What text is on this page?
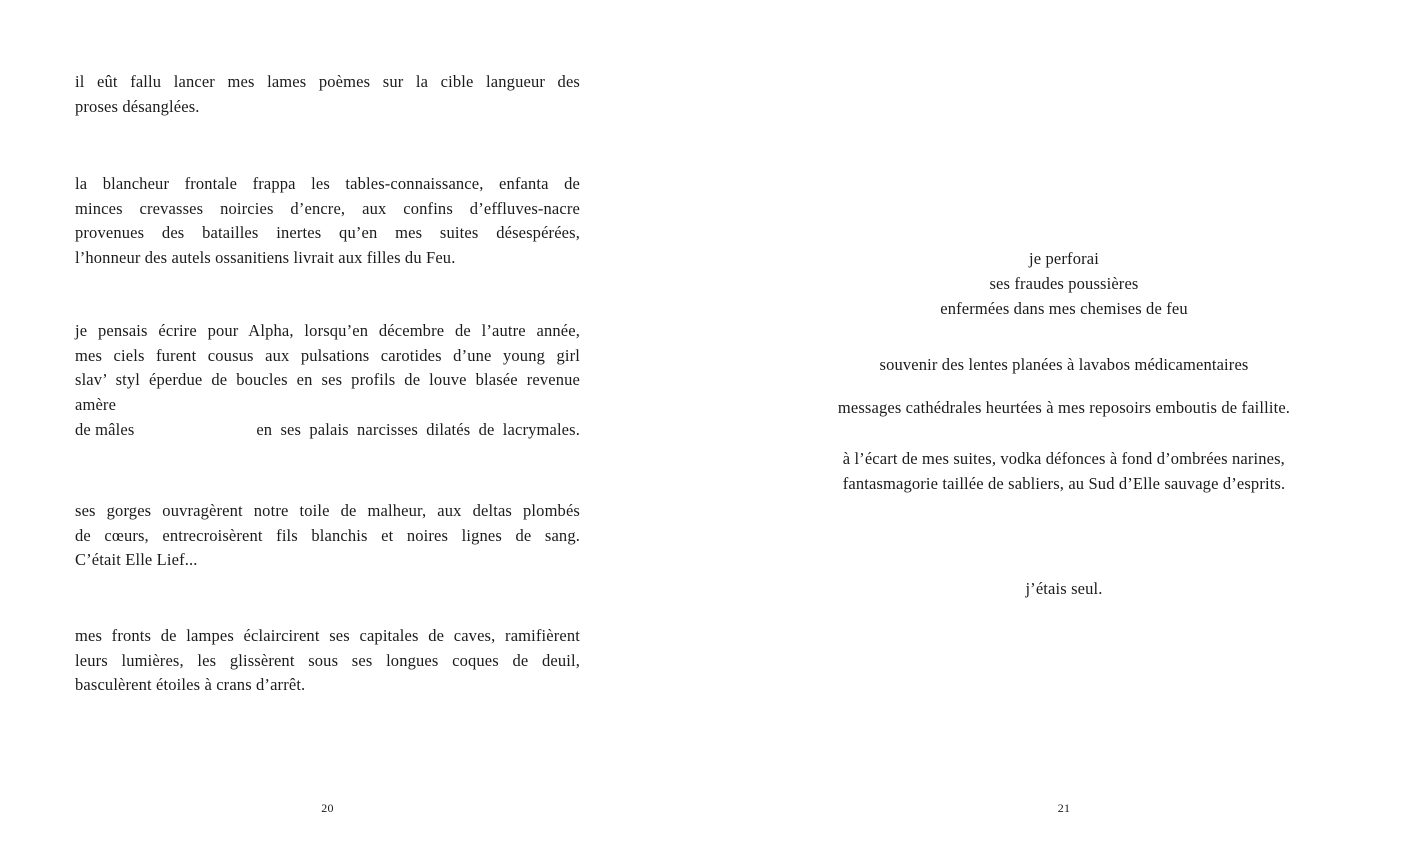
il eût fallu lancer mes lames poèmes sur la cible langueur des
proses désanglées.
la blancheur frontale frappa les tables-connaissance, enfanta de
minces crevasses noircies d’encre, aux confins d’effluves-nacre
provenues des batailles inertes qu’en mes suites désespérées,
l’honneur des autels ossanitiens livrait aux filles du Feu.
je pensais écrire pour Alpha, lorsqu’en décembre de l’autre année,
mes ciels furent cousus aux pulsations carotides d’une young girl
slav’ styl éperdue de boucles en ses profils de louve blasée revenue
amère
de mâles	en ses palais narcisses dilatés de lacrymales.
ses gorges ouvragèrent notre toile de malheur, aux deltas plombés
de cœurs, entrecroisèrent fils blanchis et noires lignes de sang.
C’était Elle Lief...
mes fronts de lampes éclaircirent ses capitales de caves, ramifièrent
leurs lumières, les glissèrent sous ses longues coques de deuil,
basculèrent étoiles à crans d’arrêt.
20
je perforai
ses fraudes poussières
enfermées dans mes chemises de feu
souvenir des lentes planées à lavabos médicamentaires
messages cathédrales heurtées à mes reposoirs emboutis de faillite.
à l’écart de mes suites, vodka défonces à fond d’ombrées narines,
fantasmagorie taillée de sabliers, au Sud d’Elle sauvage d’esprits.
j’étais seul.
21
